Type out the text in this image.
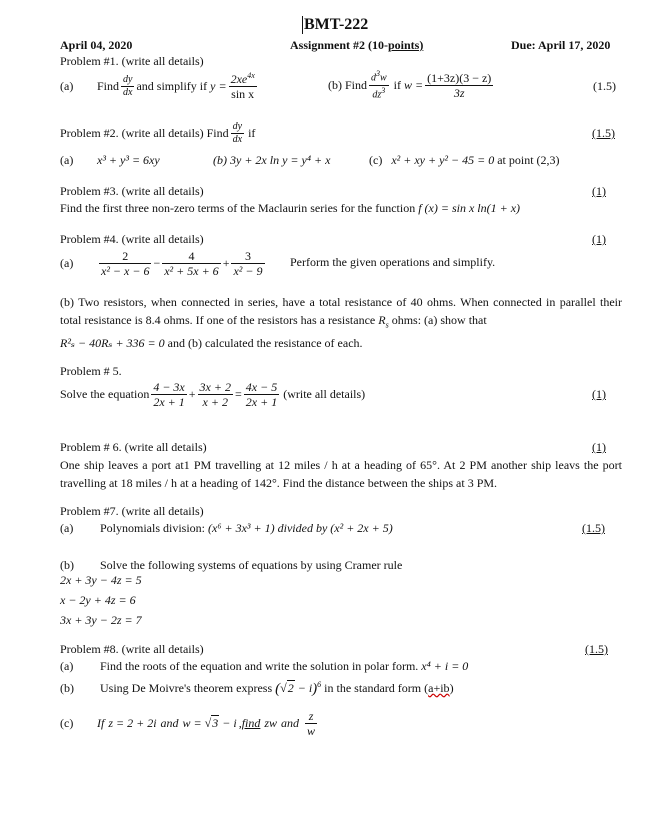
BMT-222
April 04, 2020	Assignment #2 (10-points)	Due: April 17, 2020
Problem #1. (write all details)
(a)	Find $\frac{dy}{dx}$ and simplify if $y = \frac{2xe^{4x}}{\text{sin x}}$	(b) Find $\frac{d^3w}{dz^3}$ if $w = \frac{(1+3z)(3 - z)}{3z}$	(1.5)
Problem #2. (write all details) Find $\frac{dy}{dx}$ if	(1.5)
(a) x³ + y³ = 6xy	(b) 3y + 2x ln y = y⁴ + x	(c) x² + xy + y² − 45 = 0 at point (2,3)
Problem #3. (write all details)	(1)
Find the first three non-zero terms of the Maclaurin series for the function f (x) = sin x ln(1 + x)
Problem #4. (write all details)	(1)
(a)	$\frac{2}{\text{x² − x − 6}} - \frac{4}{\text{x² + 5x + 6}} + \frac{3}{\text{x² − 9}}$ Perform the given operations and simplify.
(b) Two resistors, when connected in series, have a total resistance of 40 ohms. When connected in parallel their total resistance is 8.4 ohms. If one of the resistors has a resistance $R_s$ ohms: (a) show that
R²ₛ − 40Rₛ + 336 = 0 and (b) calculated the resistance of each.
Problem # 5.
Solve the equation $\frac{4 - 3x}{2x + 1} + \frac{3x + 2}{x + 2} = \frac{4x - 5}{2x + 1}$ (write all details)	(1)
Problem # 6. (write all details)	(1)
One ship leaves a port at1 PM travelling at 12 miles / h at a heading of 65°. At 2 PM another ship leavs the port travelling at 18 miles / h at a heading of 142°. Find the distance between the ships at 3 PM.
Problem #7. (write all details)
(a) Polynomials division: (x⁶ + 3x³ + 1) divided by (x² + 2x + 5)	(1.5)
(b) Solve the following systems of equations by using Cramer rule
2x + 3y − 4z = 5
x − 2y + 4z = 6
3x + 3y − 2z = 7
Problem #8. (write all details)	(1.5)
(a) Find the roots of the equation and write the solution in polar form. x⁴ + i = 0
(b) Using De Moivre's theorem express $(√2 - i)^6$ in the standard form (a+ib)
(c)	If z = 2 + 2i and w = √3 − i ,find zw and $\frac{z}{w}$
